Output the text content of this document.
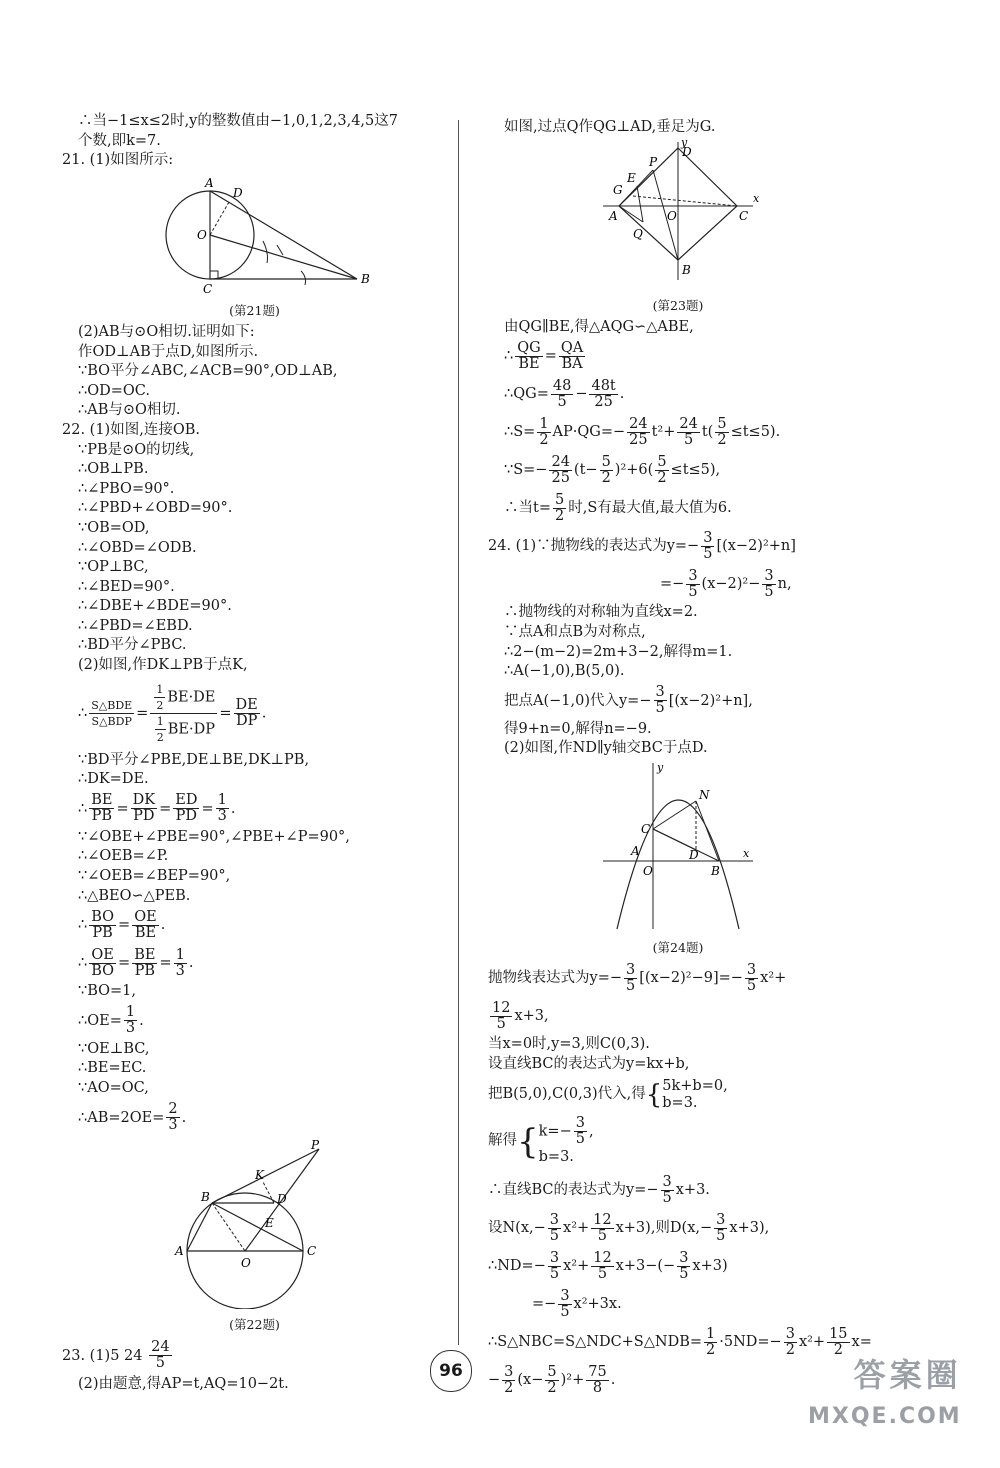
∴当−1≤x≤2时,y的整数值由−1,0,1,2,3,4,5这7
个数,即k=7.
21. (1)如图所示:
A
D
O
C
B
(第21题)
(2)AB与⊙O相切.证明如下:
作OD⊥AB于点D,如图所示.
∵BO平分∠ABC,∠ACB=90°,OD⊥AB,
∴OD=OC.
∴AB与⊙O相切.
22. (1)如图,连接OB.
∵PB是⊙O的切线,
∴OB⊥PB.
∴∠PBO=90°.
∴∠PBD+∠OBD=90°.
∵OB=OD,
∴∠OBD=∠ODB.
∵OP⊥BC,
∴∠BED=90°.
∴∠DBE+∠BDE=90°.
∴∠PBD=∠EBD.
∴BD平分∠PBC.
(2)如图,作DK⊥PB于点K,
∴ $\frac{\text{S△BDE}}{\text{S△BDP}} = \frac{\frac{1}{2} BE\cdot DE}{\frac{1}{2} BE\cdot DP} = \frac{DE}{DP}$ .
∵BD平分∠PBE,DE⊥BE,DK⊥PB,
∴DK=DE.
∴ $\frac{BE}{PB} = \frac{DK}{PD} = \frac{ED}{PD} = \frac{1}{3}$ .
∵∠OBE+∠PBE=90°,∠PBE+∠P=90°,
∴∠OEB=∠P.
∵∠OEB=∠BEP=90°,
∴△BEO∽△PEB.
∴ $\frac{BO}{PB} = \frac{OE}{BE}$ .
∴ $\frac{OE}{BO} = \frac{BE}{PB} = \frac{1}{3}$ .
∵BO=1,
∴OE= $\frac{1}{3}$ .
∵OE⊥BC,
∴BE=EC.
∵AO=OC,
∴AB=2OE= $\frac{2}{3}$ .
P
K
B	D
E
A
O
C
(第22题)
23. (1)5 $24 \frac{24}{5}$
(2)由题意,得AP=t,AQ=10−2t.
如图,过点Q作QG⊥AD,垂足为G.
y
D
P
E
G
A	O	C
x
Q
B
(第23题)
由QG∥BE,得△AQG∽△ABE,
∴ $\frac{QG}{BE} = \frac{QA}{BA}$
∴QG= $\frac{48}{5} - \frac{48t}{25}$ .
∴S= $\frac{1}{2} AP\cdot QG=- \frac{24}{25} t^2+ \frac{24}{5} t( \frac{5}{2} \le t\le 5)$.
∵S=− $\frac{24}{25} (t- \frac{5}{2} )^2+6( \frac{5}{2} \le t\le 5)$,
∴当$t= \frac{5}{2}$ 时,S有最大值,最大值为6.
24. (1)∵抛物线的表达式为$y=- \frac{3}{5} [(x-2)^2+n]$
=− $\frac{3}{5} (x-2)^2- \frac{3}{5} n$,
∴抛物线的对称轴为直线x=2.
∵点A和点B为对称点,
∴2−(m−2)=2m+3−2,解得m=1.
∴A(−1,0),B(5,0).
把点A(−1,0)代入$y=- \frac{3}{5} [(x-2)^2+n]$,
得9+n=0,解得n=−9.
(2)如图,作ND∥y轴交BC于点D.
y
N
C
A	D
O	B
x
(第24题)
抛物线表达式为$y=- \frac{3}{5} [(x-2)^2-9]=- \frac{3}{5} x^2+$
$\frac{12}{5} x+3$,
当x=0时,y=3,则C(0,3).
设直线BC的表达式为y=kx+b,
把B(5,0),C(0,3)代入,得{ 5k+b=0,
b=3.
解得{ $k=- \frac{3}{5}$ ,
b=3.
∴直线BC的表达式为$y=- \frac{3}{5} x+3$.
设$N(x,- \frac{3}{5} x^2+ \frac{12}{5} x+3)$,则$D(x,- \frac{3}{5} x+3)$,
∴ND=− $\frac{3}{5} x^2+ \frac{12}{5} x+3-(- \frac{3}{5} x+3)$
=− $\frac{3}{5} x^2+3x$.
∴S△NBC=S△NDC+S△NDB= $\frac{1}{2} \cdot 5ND=- \frac{3}{2} x^2+ \frac{15}{2} x=$
− $\frac{3}{2} (x- \frac{5}{2} )^2+ \frac{75}{8}$ .
96	答案圈
MXQE.COM
